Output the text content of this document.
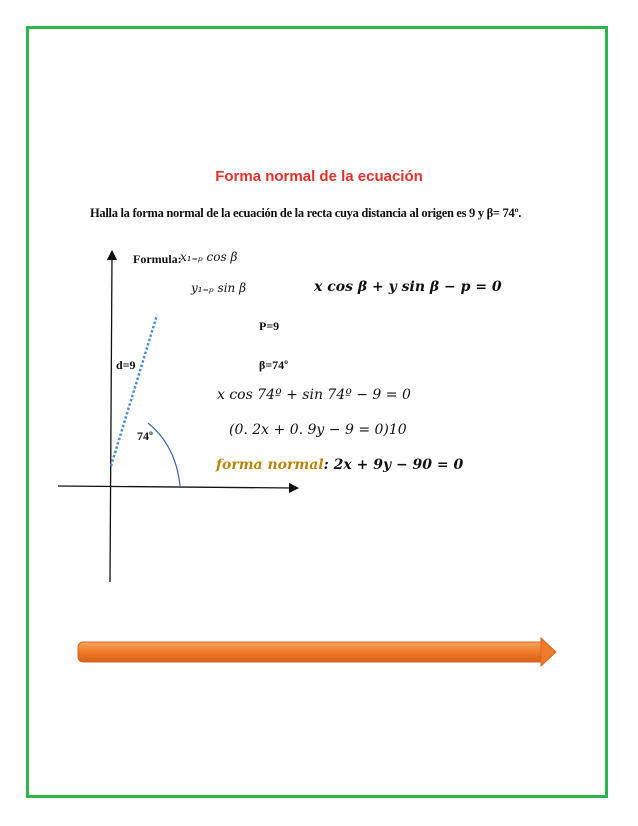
Forma normal de la ecuación
Halla la forma normal de la ecuación de la recta cuya distancia al origen es 9 y β= 74º.
Formula:
x₁₌ₚ cos β
y₁₌ₚ sin β	x cos β + y sin β − p = 0
P=9
β=74º
d=9
74º
x cos 74º + sin 74º − 9 = 0
(0. 2x + 0. 9y − 9 = 0)10
forma normal: 2x + 9y − 90 = 0
